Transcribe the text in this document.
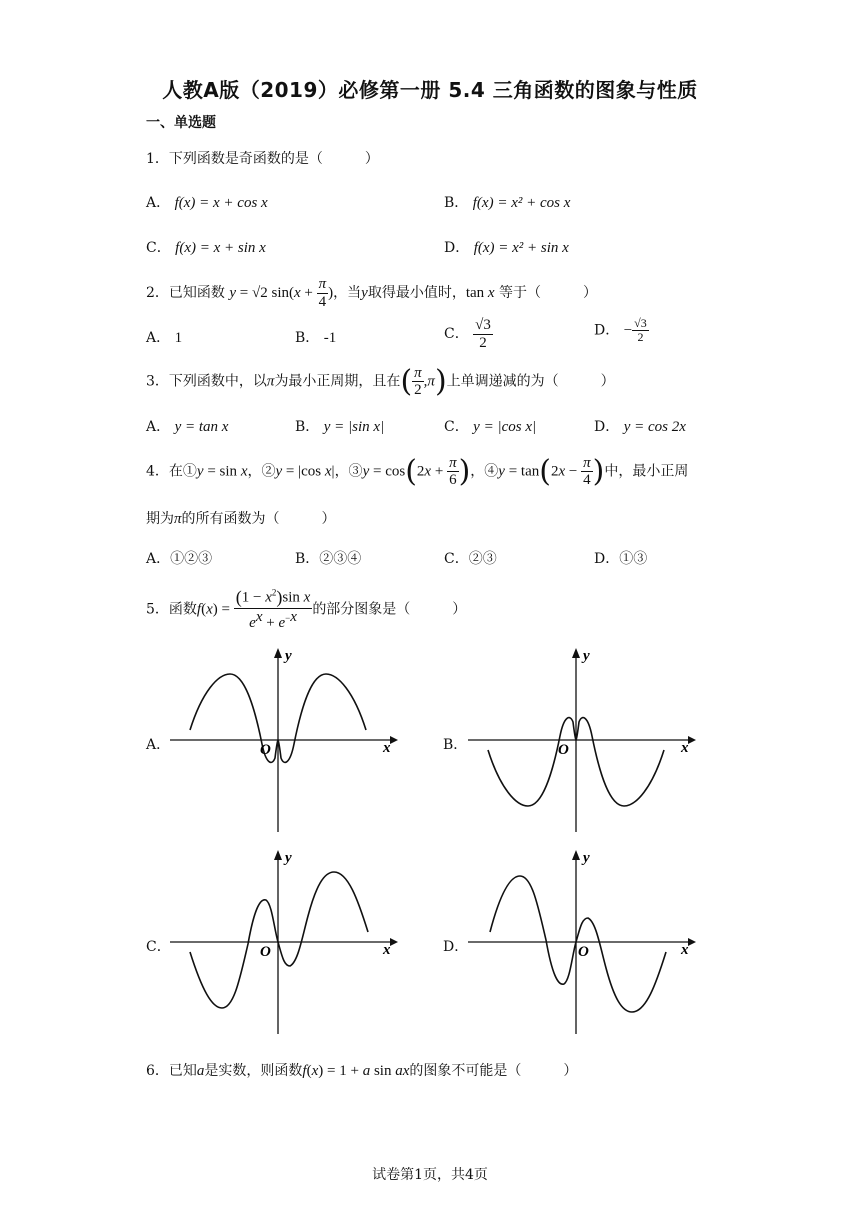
人教A版（2019）必修第一册 5.4 三角函数的图象与性质
一、单选题
1．下列函数是奇函数的是（　　　）
A． f(x) = x + cos x	B． f(x) = x² + cos x
C． f(x) = x + sin x	D． f(x) = x² + sin x
2．已知函数 y = √2 $\sin(x + \frac{\pi}{4}$ )，当y取得最小值时，tan x 等于（　　　）
A． 1	B． -1	C． $\frac{√3}{2}$	D． − $\frac{√3}{2}$
3．下列函数中，以π为最小正周期，且在( $\frac{\pi}{2} ,\pi$)上单调递减的为（　　　）
A． y = tan x	B． y = |sin x|	C． y = |cos x|	D． y = cos 2x
4．在①y = sin x，②y = |cos x|，③y = $\cos(2x + \frac{\pi}{6}$ )，④y = $\tan(2x - \frac{\pi}{4}$ )中，最小正周
期为π的所有函数为（　　　）
A．①②③	B．②③④	C．②③	D．①③
5．函数$f(x) = \frac{(1 - x^2)\sin x}{e^x + e^{-x}}$ 的部分图象是（　　　）
A．	B．
C．	D．
y
x
O
y
x
O
y
x
O
y
x
O
6．已知a是实数，则函数f(x) = 1 + a sin ax的图象不可能是（　　　）
试卷第1页，共4页
